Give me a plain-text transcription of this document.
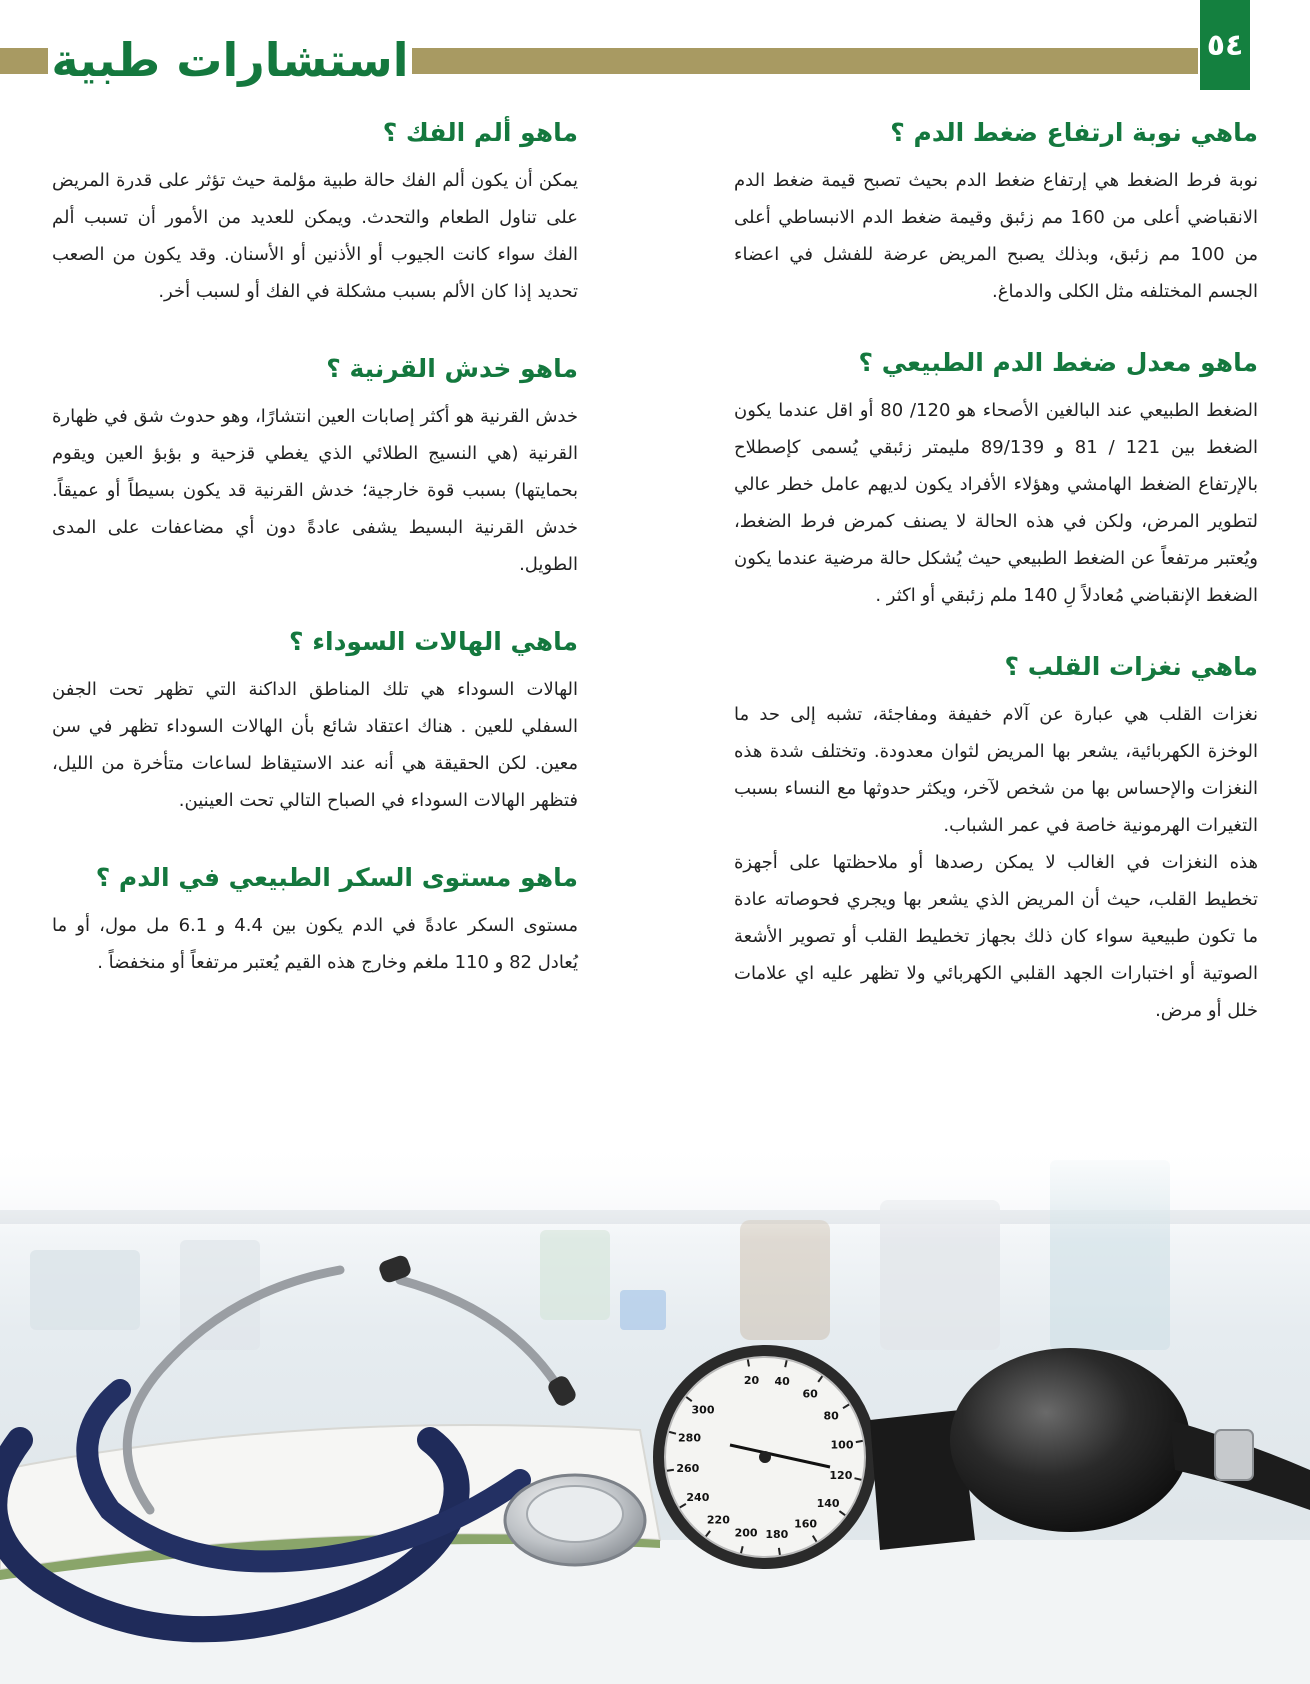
استشارات طبية	٥٤
ماهي نوبة ارتفاع ضغط الدم ؟

نوبة فرط الضغط هي إرتفاع ضغط الدم بحيث تصبح قيمة ضغط الدم الانقباضي أعلى من 160 مم زئبق وقيمة ضغط الدم الانبساطي أعلى من 100 مم زئبق، وبذلك يصبح المريض عرضة للفشل في اعضاء الجسم المختلفه مثل الكلى والدماغ.

ماهو معدل ضغط الدم الطبيعي ؟

الضغط الطبيعي عند البالغين الأصحاء هو 120/ 80 أو اقل عندما يكون الضغط بين 121 / 81 و 89/139 مليمتر زئبقي يُسمى كإصطلاح بالإرتفاع الضغط الهامشي وهؤلاء الأفراد يكون لديهم عامل خطر عالي لتطوير المرض، ولكن في هذه الحالة لا يصنف كمرض فرط الضغط، ويُعتبر مرتفعاً عن الضغط الطبيعي حيث يُشكل حالة مرضية عندما يكون الضغط الإنقباضي مُعادلاً لِ 140 ملم زئبقي أو اكثر .

ماهي نغزات القلب ؟

نغزات القلب هي عبارة عن آلام خفيفة ومفاجئة، تشبه إلى حد ما الوخزة الكهربائية، يشعر بها المريض لثوان معدودة. وتختلف شدة هذه النغزات والإحساس بها من شخص لآخر، ويكثر حدوثها مع النساء بسبب التغيرات الهرمونية خاصة في عمر الشباب.

هذه النغزات في الغالب لا يمكن رصدها أو ملاحظتها على أجهزة تخطيط القلب، حيث أن المريض الذي يشعر بها ويجري فحوصاته عادة ما تكون طبيعية سواء كان ذلك بجهاز تخطيط القلب أو تصوير الأشعة الصوتية أو اختبارات الجهد القلبي الكهربائي ولا تظهر عليه اي علامات خلل أو مرض.

ماهو ألم الفك ؟

يمكن أن يكون ألم الفك حالة طبية مؤلمة حيث تؤثر على قدرة المريض على تناول الطعام والتحدث. ويمكن للعديد من الأمور أن تسبب ألم الفك سواء كانت الجيوب أو الأذنين أو الأسنان. وقد يكون من الصعب تحديد إذا كان الألم بسبب مشكلة في الفك أو لسبب أخر.

ماهو خدش القرنية ؟

خدش القرنية هو أكثر إصابات العين انتشارًا، وهو حدوث شق في ظهارة القرنية (هي النسيج الطلائي الذي يغطي قزحية و بؤبؤ العين ويقوم بحمايتها) بسبب قوة خارجية؛ خدش القرنية قد يكون بسيطاً أو عميقاً. خدش القرنية البسيط يشفى عادةً دون أي مضاعفات على المدى الطويل.

ماهي الهالات السوداء ؟

الهالات السوداء هي تلك المناطق الداكنة التي تظهر تحت الجفن السفلي للعين . هناك اعتقاد شائع بأن الهالات السوداء تظهر في سن معين. لكن الحقيقة هي أنه عند الاستيقاظ لساعات متأخرة من الليل، فتظهر الهالات السوداء في الصباح التالي تحت العينين.

ماهو مستوى السكر الطبيعي في الدم ؟

مستوى السكر عادةً في الدم يكون بين 4.4 و 6.1 مل مول، أو ما يُعادل 82 و 110 ملغم وخارج هذه القيم يُعتبر مرتفعاً أو منخفضاً .

20 40
60
80
100
120
140
160
180
200
220
240
260
280
300
